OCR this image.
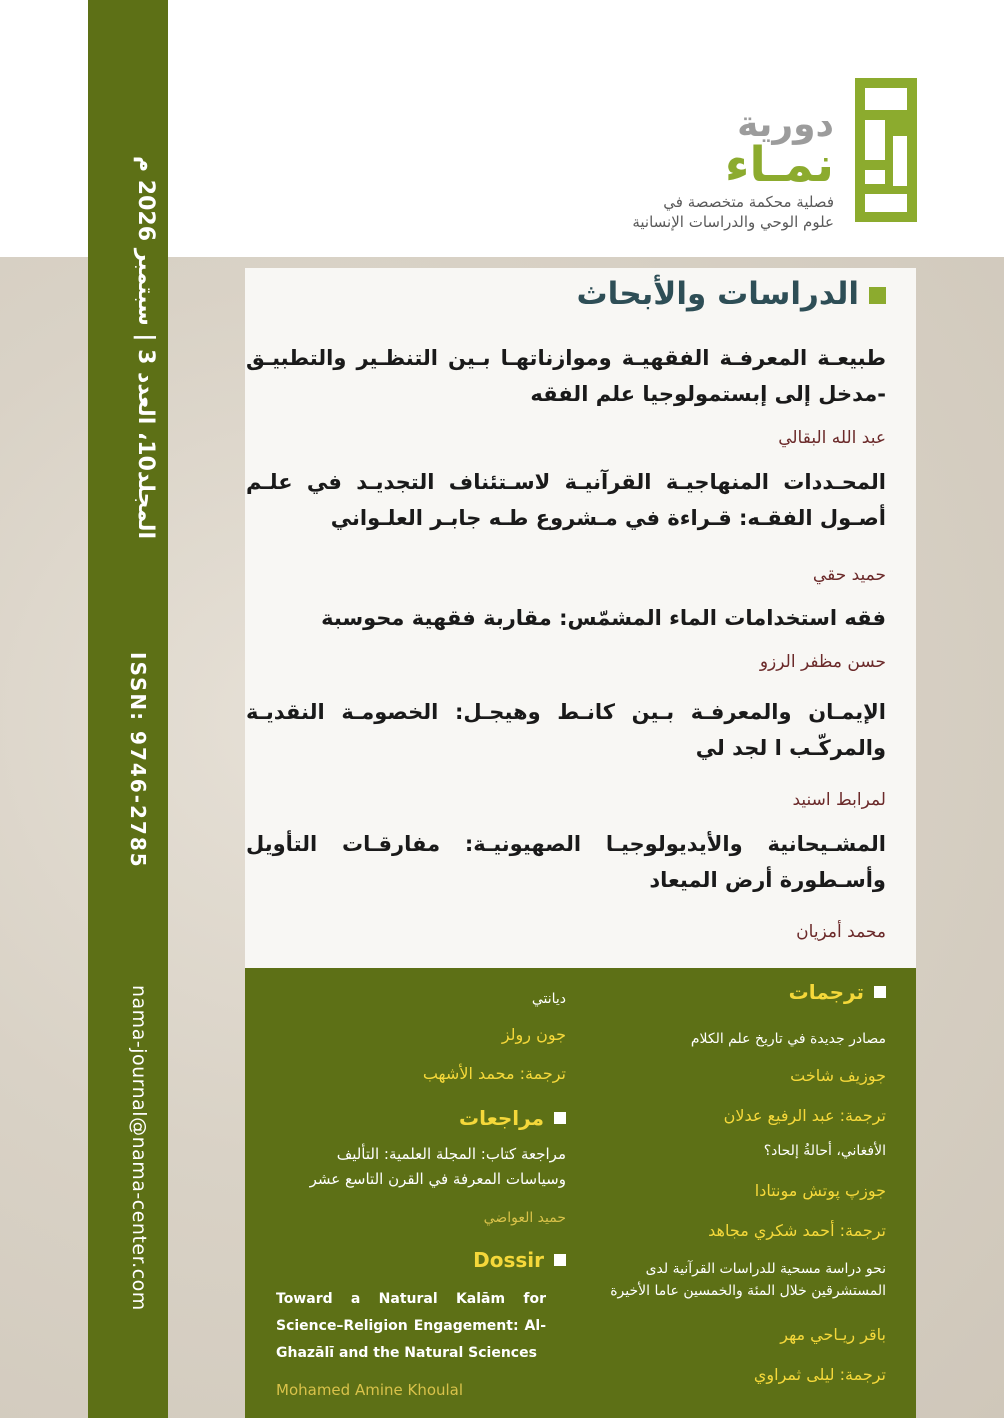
المجلد10، العدد 3 | سبتمبر 2026 م
ISSN: 9746-2785
nama-journal@nama-center.com
دورية
نمـاء
فصلية محكمة متخصصة في
علوم الوحي والدراسات الإنسانية
الدراسات والأبحاث
طبيعـة المعرفـة الفقهيـة وموازناتهـا بـين التنظـير والتطبيـق -مدخل إلى إبستمولوجيا علم الفقه
عبد الله البقالي
المحـددات المنهاجيـة القرآنيـة لاسـتئناف التجديـد في علـم أصـول الفقـه: قـراءة في مـشروع طـه جابـر العلـواني
حميد حقي
فقه استخدامات الماء المشمّس: مقاربة فقهية محوسبة
حسن مظفر الرزو
الإيمـان والمعرفـة بـين كانـط وهيجـل: الخصومـة النقديـة والمركّـب ا لجد لي
لمرابط اسنيد
المشـيحانية والأيديولوجيـا الصهيونيـة: مفارقـات التأويل وأسـطورة أرض الميعاد
محمد أمزيان
ترجمات
مصادر جديدة في تاريخ علم الكلام
جوزيف شاخت
ترجمة: عبد الرفيع عدلان
الأفغاني، أحالةُ إلحاد؟
جوزپ پوتش مونتادا
ترجمة: أحمد شكري مجاهد
نحو دراسة مسحية للدراسات القرآنية لدى المستشرقين خلال المئة والخمسين عاما الأخيرة
باقر ريـاحي مهر
ترجمة: ليلى ثمراوي
ديانتي
جون رولز
ترجمة: محمد الأشهب
مراجعات
مراجعة كتاب: المجلة العلمية: التأليف وسياسات المعرفة في القرن التاسع عشر
حميد العواضي
Dossir
Toward a Natural Kalām for Science–Religion Engagement: Al-Ghazālī and the Natural Sciences
Mohamed Amine Khoulal
